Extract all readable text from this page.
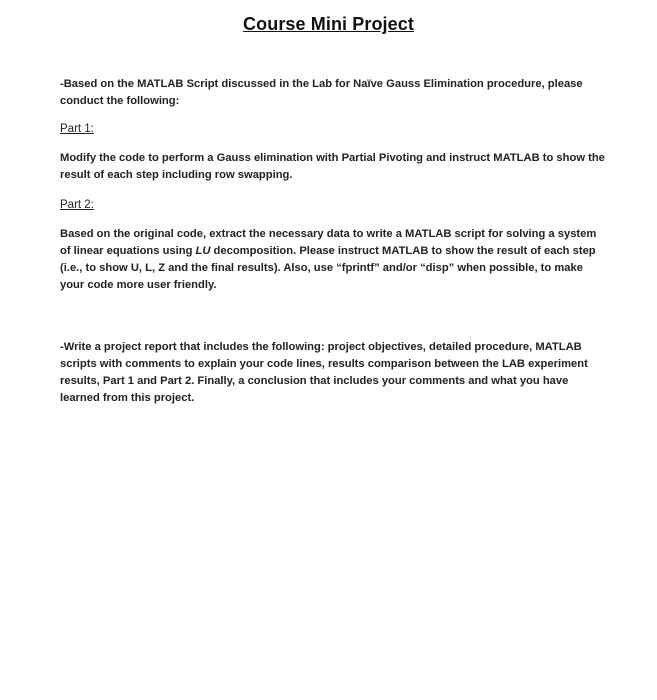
Course Mini Project
-Based on the MATLAB Script discussed in the Lab for Naïve Gauss Elimination procedure, please conduct the following:
Part 1:
Modify the code to perform a Gauss elimination with Partial Pivoting and instruct MATLAB to show the result of each step including row swapping.
Part 2:
Based on the original code, extract the necessary data to write a MATLAB script for solving a system of linear equations using LU decomposition. Please instruct MATLAB to show the result of each step (i.e., to show U, L, Z and the final results). Also, use “fprintf” and/or “disp” when possible, to make your code more user friendly.
-Write a project report that includes the following: project objectives, detailed procedure, MATLAB scripts with comments to explain your code lines, results comparison between the LAB experiment results, Part 1 and Part 2. Finally, a conclusion that includes your comments and what you have learned from this project.
